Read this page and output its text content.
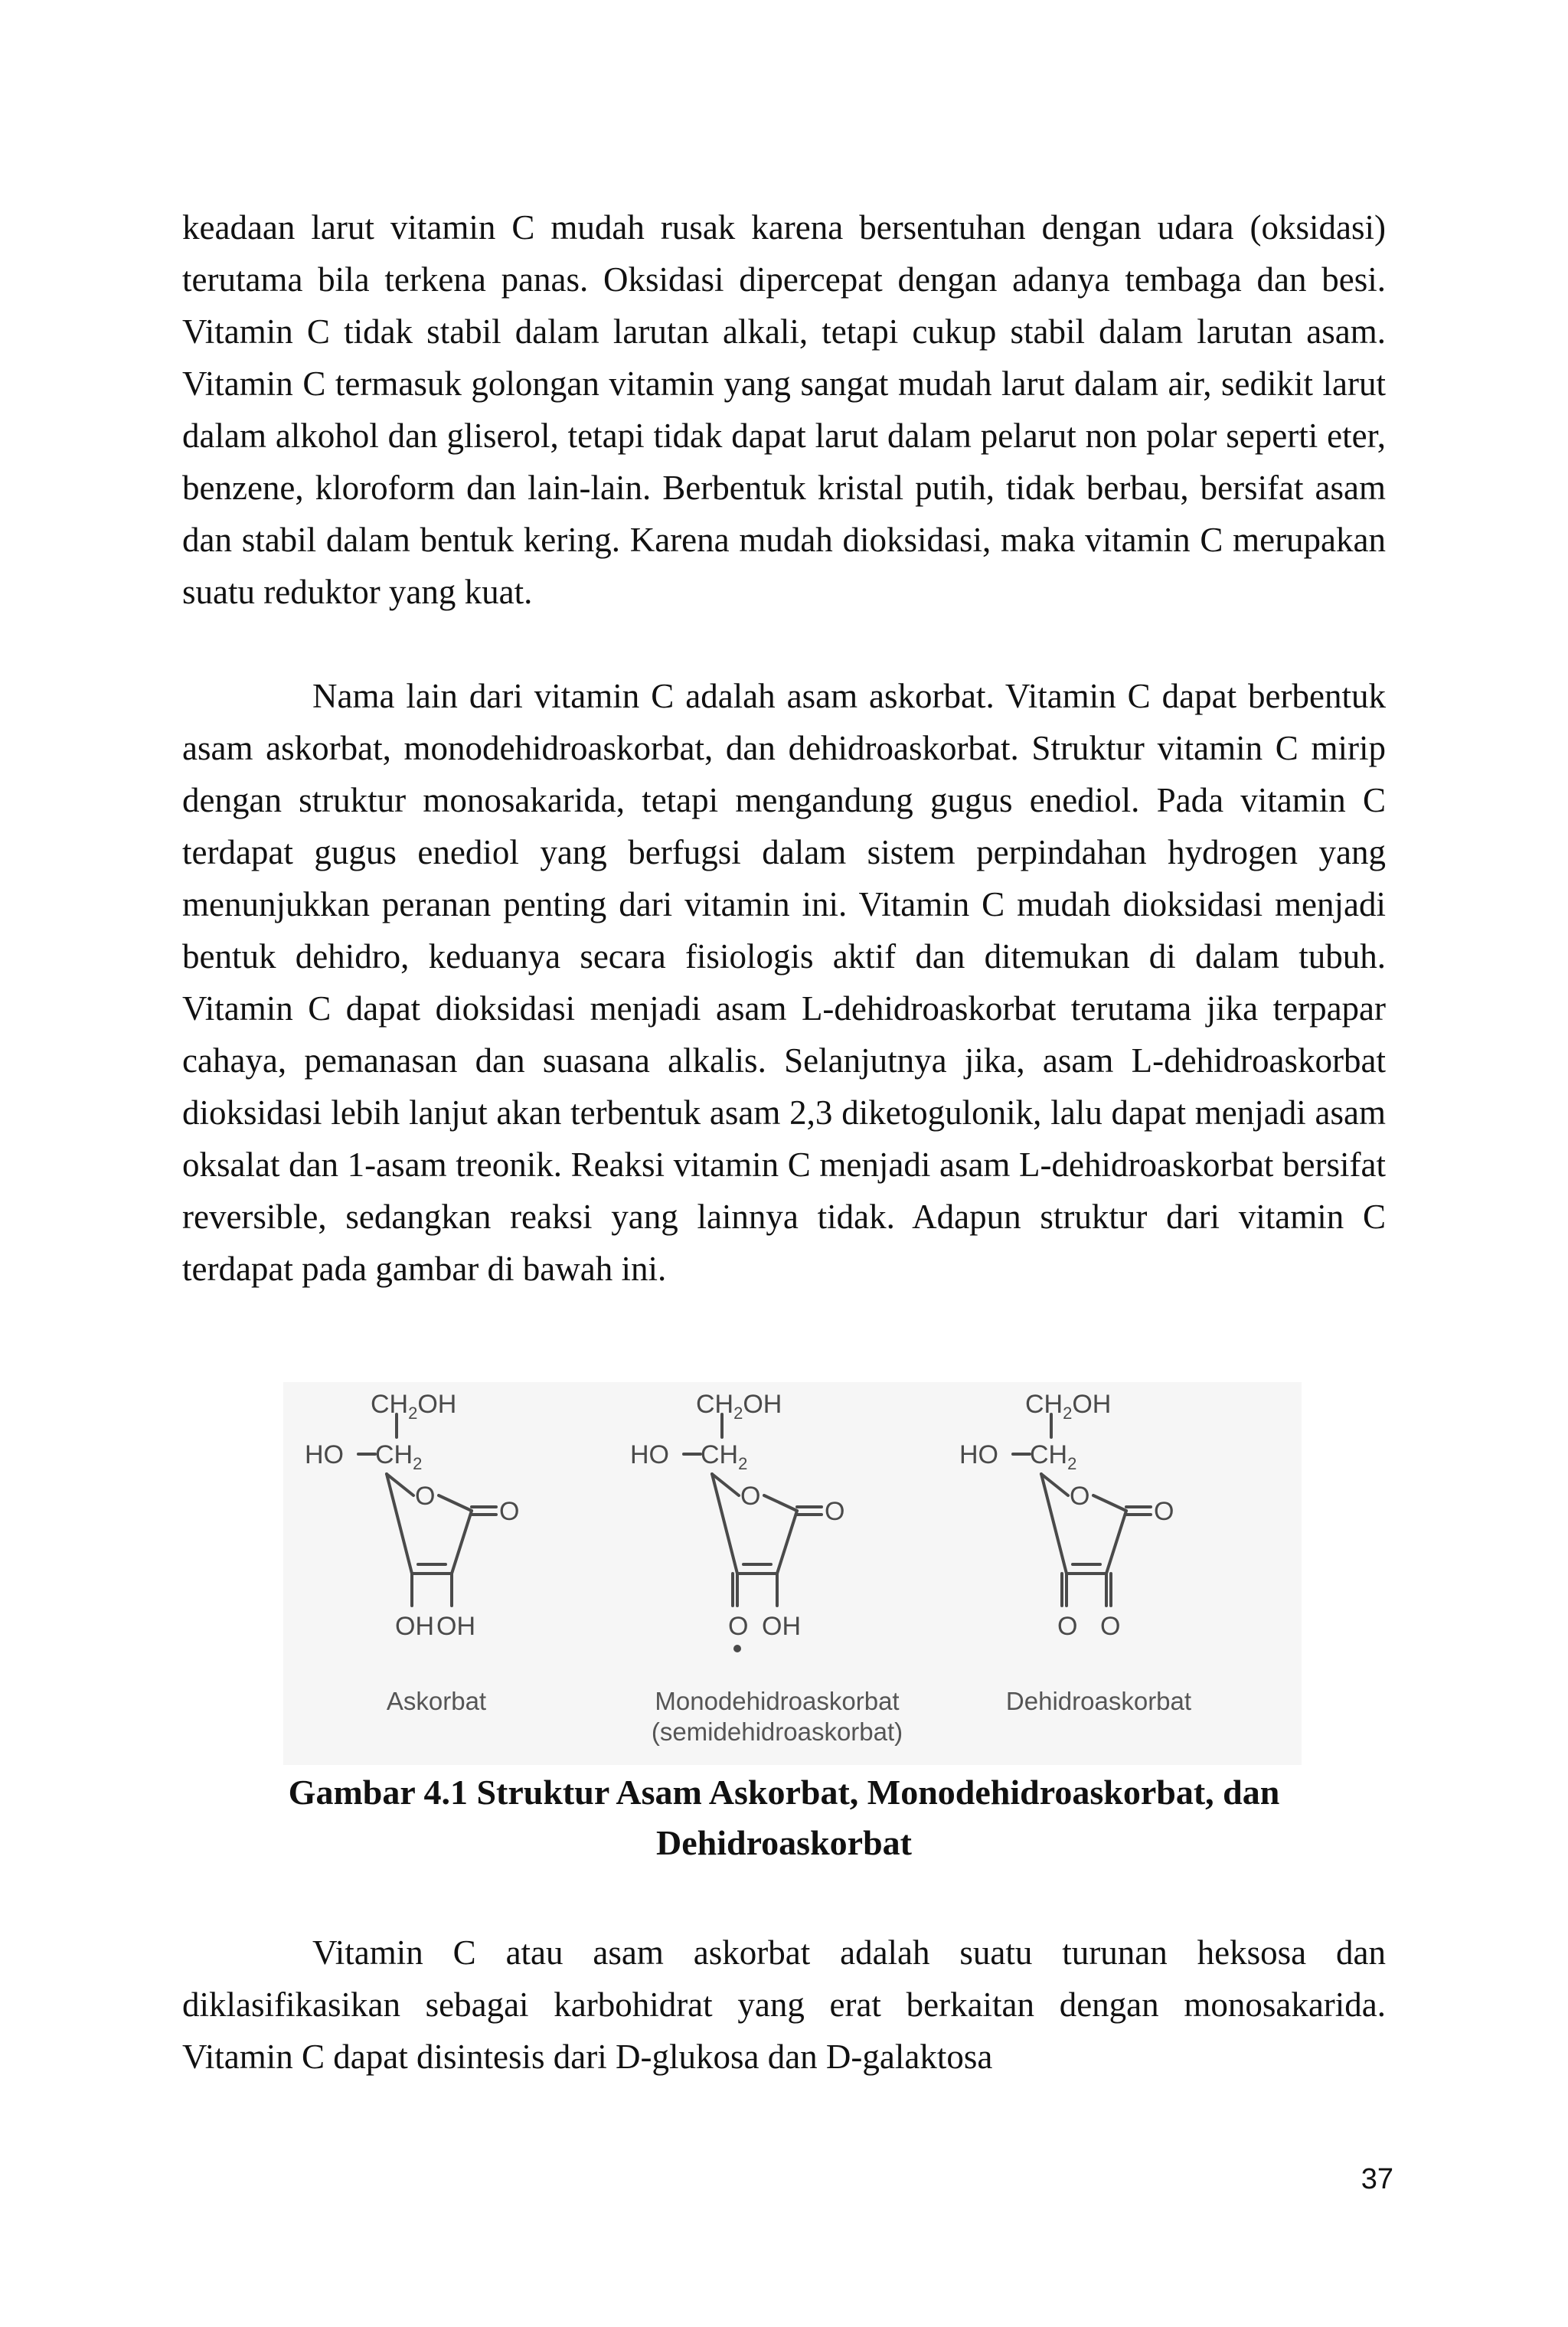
keadaan larut vitamin C mudah rusak karena bersentuhan dengan udara (oksidasi) terutama bila terkena panas. Oksidasi dipercepat dengan adanya tembaga dan besi. Vitamin C tidak stabil dalam larutan alkali, tetapi cukup stabil dalam larutan asam. Vitamin C termasuk golongan vitamin yang sangat mudah larut dalam air, sedikit larut dalam alkohol dan gliserol, tetapi tidak dapat larut dalam pelarut non polar seperti eter, benzene, kloroform dan lain-lain. Berbentuk kristal putih, tidak berbau, bersifat asam dan stabil dalam bentuk kering. Karena mudah dioksidasi, maka vitamin C merupakan suatu reduktor yang kuat.

Nama lain dari vitamin C adalah asam askorbat. Vitamin C dapat berbentuk asam askorbat, monodehidroaskorbat, dan dehidroaskorbat. Struktur vitamin C mirip dengan struktur monosakarida, tetapi mengandung gugus enediol. Pada vitamin C terdapat gugus enediol yang berfugsi dalam sistem perpindahan hydrogen yang menunjukkan peranan penting dari vitamin ini. Vitamin C mudah dioksidasi menjadi bentuk dehidro, keduanya secara fisiologis aktif dan ditemukan di dalam tubuh. Vitamin C dapat dioksidasi menjadi asam L-dehidroaskorbat terutama jika terpapar cahaya, pemanasan dan suasana alkalis. Selanjutnya jika, asam L-dehidroaskorbat dioksidasi lebih lanjut akan terbentuk asam 2,3 diketogulonik, lalu dapat menjadi asam oksalat dan 1-asam treonik. Reaksi vitamin C menjadi asam L-dehidroaskorbat bersifat reversible, sedangkan reaksi yang lainnya tidak. Adapun struktur dari vitamin C terdapat pada gambar di bawah ini.

$CH_2OH$
HO $CH_2$
O
O
OH OH
Askorbat
$CH_2OH$
HO $CH_2$
O
O
O OH
Monodehidroaskorbat
(semidehidroaskorbat)
$CH_2OH$
HO $CH_2$
O
O
O O
Dehidroaskorbat
Gambar 4.1 Struktur Asam Askorbat, Monodehidroaskorbat, dan
Dehidroaskorbat

Vitamin C atau asam askorbat adalah suatu turunan heksosa dan diklasifikasikan sebagai karbohidrat yang erat berkaitan dengan monosakarida. Vitamin C dapat disintesis dari D-glukosa dan D-galaktosa

37
